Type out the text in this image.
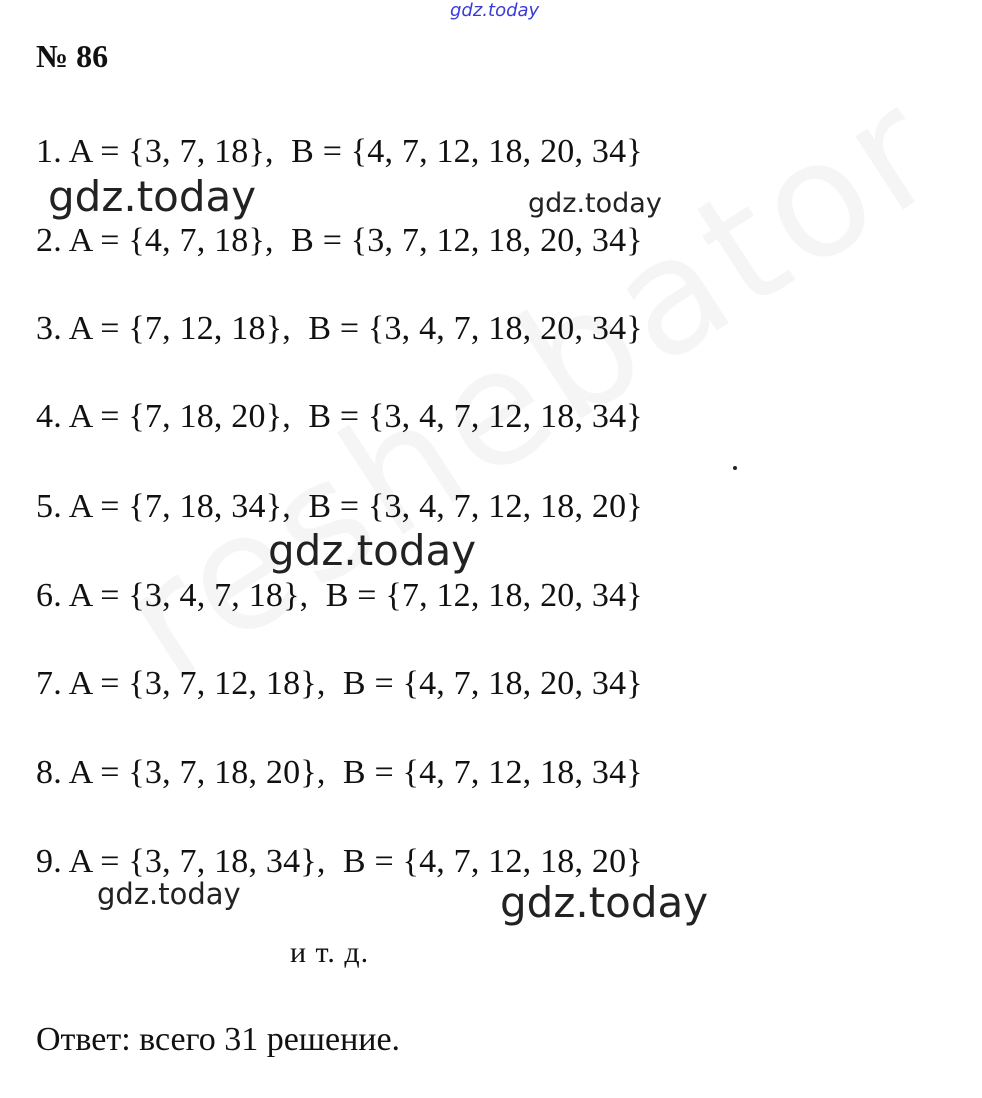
gdz.today
№ 86
1. A = {3, 7, 18},  B = {4, 7, 12, 18, 20, 34}
2. A = {4, 7, 18},  B = {3, 7, 12, 18, 20, 34}
3. A = {7, 12, 18},  B = {3, 4, 7, 18, 20, 34}
4. A = {7, 18, 20},  B = {3, 4, 7, 12, 18, 34}
5. A = {7, 18, 34},  B = {3, 4, 7, 12, 18, 20}
6. A = {3, 4, 7, 18},  B = {7, 12, 18, 20, 34}
7. A = {3, 7, 12, 18},  B = {4, 7, 18, 20, 34}
8. A = {3, 7, 18, 20},  B = {4, 7, 12, 18, 34}
9. A = {3, 7, 18, 34},  B = {4, 7, 12, 18, 20}
и т. д.
Ответ: всего 31 решение.
gdz.today	gdz.today
gdz.today
gdz.today	gdz.today
